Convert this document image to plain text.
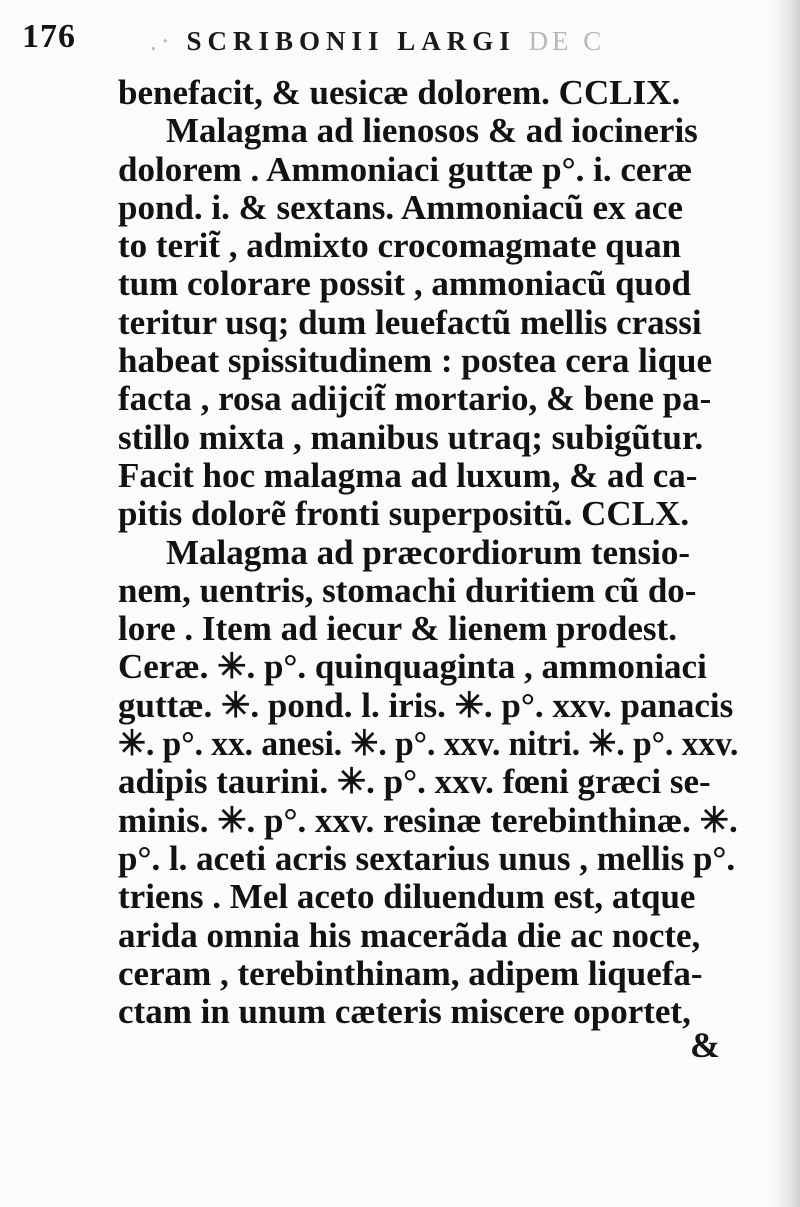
176	.· SCRIBONII LARGI DE C
benefacit, & uesicæ dolorem. CCLIX.
Malagma ad lienosos & ad iocineris
dolorem . Ammoniaci guttæ p°. i. ceræ
pond. i. & sextans. Ammoniacũ ex ace
to terit̃ , admixto crocomagmate quan
tum colorare possit , ammoniacũ quod
teritur usq; dum leuefactũ mellis crassi
habeat spissitudinem : postea cera lique
facta , rosa adijcit̃ mortario, & bene pa-
stillo mixta , manibus utraq; subigũtur.
Facit hoc malagma ad luxum, & ad ca-
pitis dolorẽ fronti superpositũ. CCLX.
Malagma ad præcordiorum tensio-
nem, uentris, stomachi duritiem cũ do-
lore . Item ad iecur & lienem prodest.
Ceræ. ✳. p°. quinquaginta , ammoniaci
guttæ. ✳. pond. l. iris. ✳. p°. xxv. panacis
✳. p°. xx. anesi. ✳. p°. xxv. nitri. ✳. p°. xxv.
adipis taurini. ✳. p°. xxv. fœni græci se-
minis. ✳. p°. xxv. resinæ terebinthinæ. ✳.
p°. l. aceti acris sextarius unus , mellis p°.
triens . Mel aceto diluendum est, atque
arida omnia his macerãda die ac nocte,
ceram , terebinthinam, adipem liquefa-
ctam in unum cæteris miscere oportet,
&
